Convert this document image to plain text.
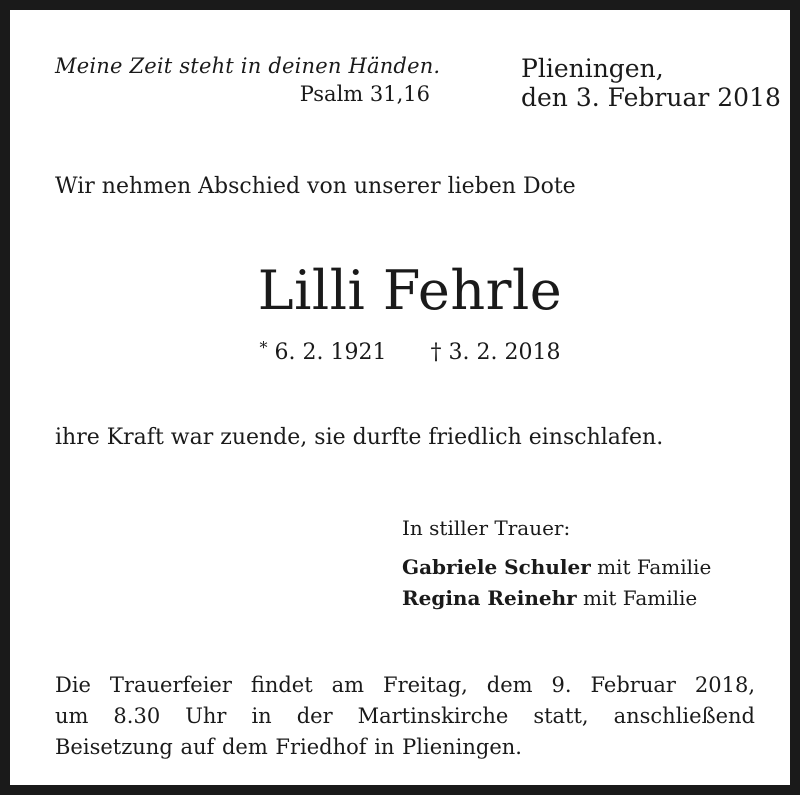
Meine Zeit steht in deinen Händen.

Psalm 31,16

Plieningen,

den 3. Februar 2018

Wir nehmen Abschied von unserer lieben Dote

Lilli Fehrle

* 6. 2. 1921 † 3. 2. 2018

ihre Kraft war zuende, sie durfte friedlich einschlafen.

In stiller Trauer:

Gabriele Schuler mit Familie

Regina Reinehr mit Familie

Die Trauerfeier findet am Freitag, dem 9. Februar 2018,
um 8.30 Uhr in der Martinskirche statt, anschließend
Beisetzung auf dem Friedhof in Plieningen.
